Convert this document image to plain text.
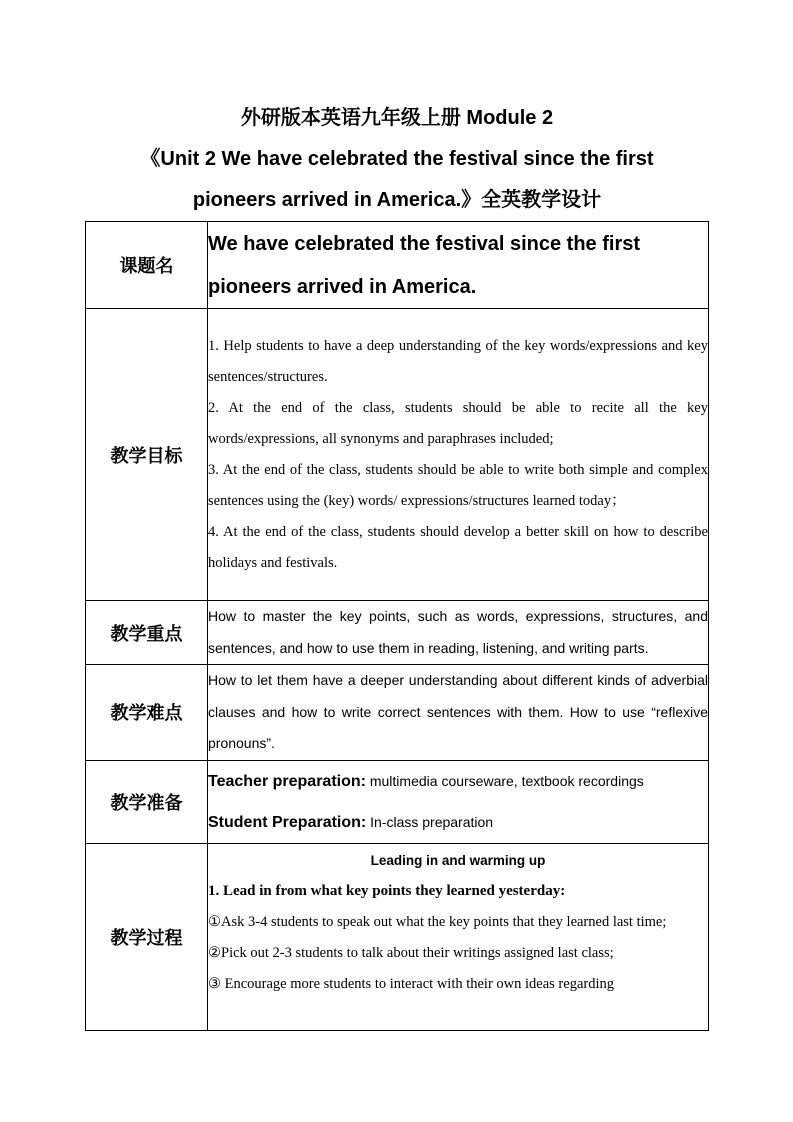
外研版本英语九年级上册 Module 2
《Unit 2 We have celebrated the festival since the first
pioneers arrived in America.》全英教学设计
课题名	We have celebrated the festival since the first
pioneers arrived in America.

教学目标	1. Help students to have a deep understanding of the key words/expressions and key sentences/structures.

2. At the end of the class, students should be able to recite all the key words/expressions, all synonyms and paraphrases included;

3. At the end of the class, students should be able to write both simple and complex sentences using the (key) words/ expressions/structures learned today；

4. At the end of the class, students should develop a better skill on how to describe holidays and festivals.

教学重点	How to master the key points, such as words, expressions, structures, and sentences, and how to use them in reading, listening, and writing parts.

教学难点	How to let them have a deeper understanding about different kinds of adverbial clauses and how to write correct sentences with them. How to use “reflexive pronouns”.

教学准备	Teacher preparation: multimedia courseware, textbook recordings

Student Preparation: In-class preparation

教学过程	Leading in and warming up

1. Lead in from what key points they learned yesterday:

①Ask 3-4 students to speak out what the key points that they learned last time;

②Pick out 2-3 students to talk about their writings assigned last class;

③ Encourage more students to interact with their own ideas regarding
